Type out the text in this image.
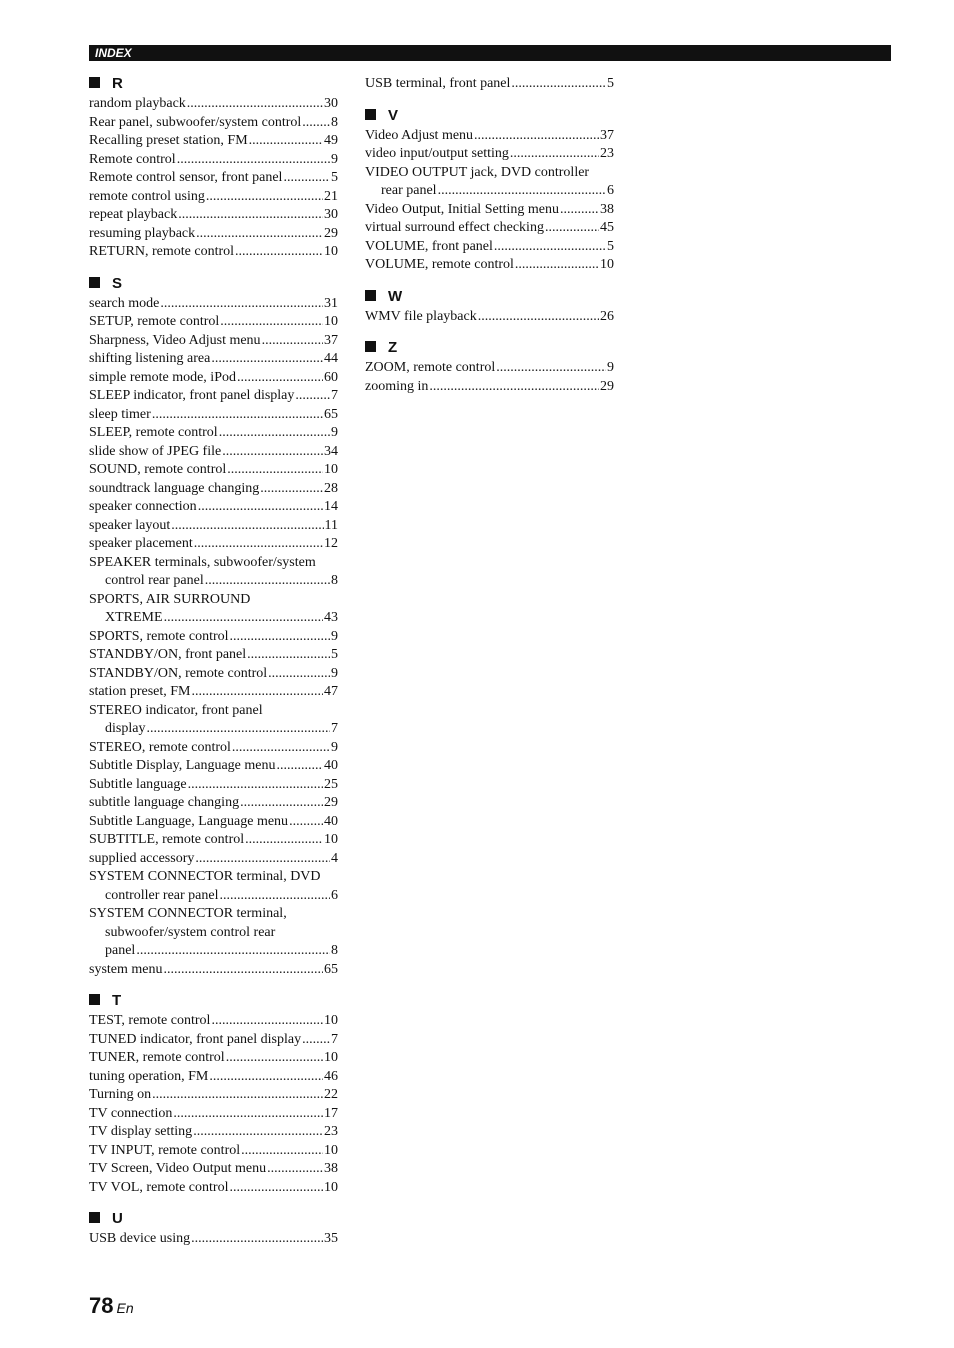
INDEX
R
random playback .....	30
Rear panel, subwoofer/system control ..... 8
Recalling preset station, FM .....	49
Remote control .....	9
Remote control sensor, front panel .....	5
remote control using .....	21
repeat playback .....	30
resuming playback .....	29
RETURN, remote control .....	10
S
search mode .....	31
SETUP, remote control .....	10
Sharpness, Video Adjust menu .....	37
shifting listening area .....	44
simple remote mode, iPod .....	60
SLEEP indicator, front panel display .....	7
sleep timer .....	65
SLEEP, remote control .....	9
slide show of JPEG file .....	34
SOUND, remote control .....	10
soundtrack language changing .....	28
speaker connection .....	14
speaker layout .....	11
speaker placement .....	12
SPEAKER terminals, subwoofer/system
control rear panel .....	8
SPORTS, AIR SURROUND
XTREME .....	43
SPORTS, remote control .....	9
STANDBY/ON, front panel .....	5
STANDBY/ON, remote control .....	9
station preset, FM .....	47
STEREO indicator, front panel
display .....	7
STEREO, remote control .....	9
Subtitle Display, Language menu .....	40
Subtitle language .....	25
subtitle language changing .....	29
Subtitle Language, Language menu .....	40
SUBTITLE, remote control .....	10
supplied accessory .....	4
SYSTEM CONNECTOR terminal, DVD
controller rear panel .....	6
SYSTEM CONNECTOR terminal,
subwoofer/system control rear
panel .....	8
system menu .....	65
T
TEST, remote control .....	10
TUNED indicator, front panel display ..... 7
TUNER, remote control .....	10
tuning operation, FM .....	46
Turning on .....	22
TV connection .....	17
TV display setting .....	23
TV INPUT, remote control .....	10
TV Screen, Video Output menu .....	38
TV VOL, remote control .....	10
U
USB device using .....	35
USB terminal, front panel .....	5
V
Video Adjust menu .....	37
video input/output setting .....	23
VIDEO OUTPUT jack, DVD controller
rear panel .....	6
Video Output, Initial Setting menu .....	38
virtual surround effect checking .....	45
VOLUME, front panel .....	5
VOLUME, remote control .....	10
W
WMV file playback .....	26
Z
ZOOM, remote control .....	9
zooming in .....	29
78 En
